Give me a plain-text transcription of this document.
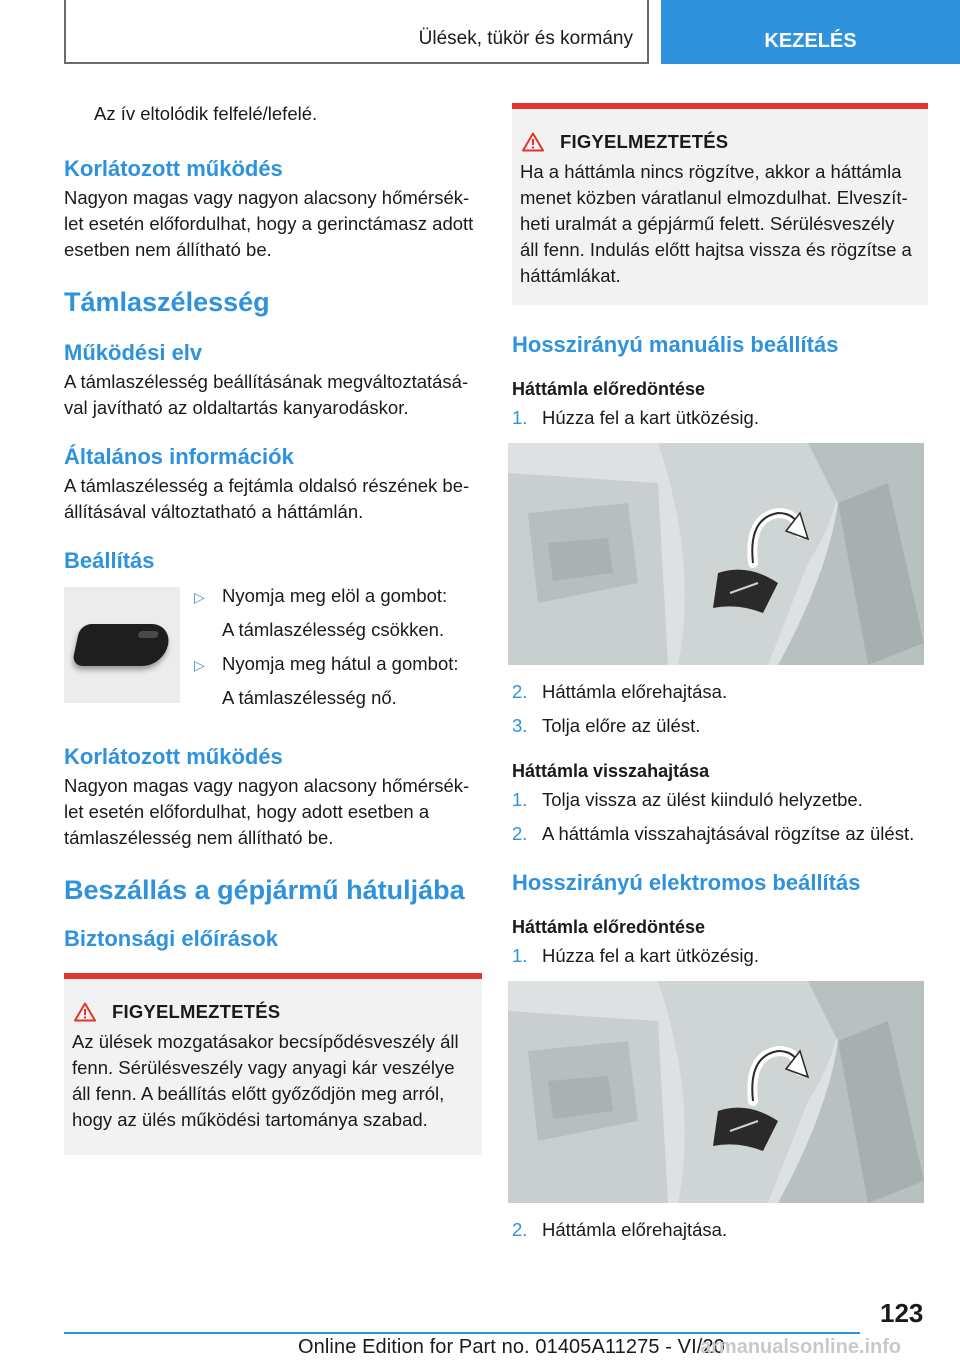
Ülések, tükör és kormány	KEZELÉS

Az ív eltolódik felfelé/lefelé.

Korlátozott működés

Nagyon magas vagy nagyon alacsony hőmérséklet esetén előfordulhat, hogy a gerinctámasz adott esetben nem állítható be.

Támlaszélesség
Működési elv

A támlaszélesség beállításának megváltoztatásával javítható az oldaltartás kanyarodáskor.

Általános információk

A támlaszélesség a fejtámla oldalsó részének beállításával változtatható a háttámlán.

Beállítás
▷ Nyomja meg elöl a gombot:
A támlaszélesség csökken.
▷ Nyomja meg hátul a gombot:
A támlaszélesség nő.
Korlátozott működés

Nagyon magas vagy nagyon alacsony hőmérséklet esetén előfordulhat, hogy adott esetben a támlaszélesség nem állítható be.

Beszállás a gépjármű hátuljába
Biztonsági előírások
FIGYELMEZTETÉS

Az ülések mozgatásakor becsípődésveszély áll fenn. Sérülésveszély vagy anyagi kár veszélye áll fenn. A beállítás előtt győződjön meg arról, hogy az ülés működési tartománya szabad.

FIGYELMEZTETÉS

Ha a háttámla nincs rögzítve, akkor a háttámla menet közben váratlanul elmozdulhat. Elveszítheti uralmát a gépjármű felett. Sérülésveszély áll fenn. Indulás előtt hajtsa vissza és rögzítse a háttámlákat.

Hosszirányú manuális beállítás
Háttámla előredöntése
1. Húzza fel a kart ütközésig.
2. Háttámla előrehajtása.
3. Tolja előre az ülést.
Háttámla visszahajtása
1. Tolja vissza az ülést kiinduló helyzetbe.
2. A háttámla visszahajtásával rögzítse az ülést.
Hosszirányú elektromos beállítás
Háttámla előredöntése
1. Húzza fel a kart ütközésig.
2. Háttámla előrehajtása.
123
Online Edition for Part no. 01405A11275 - VI/20
armanualsonline.info
